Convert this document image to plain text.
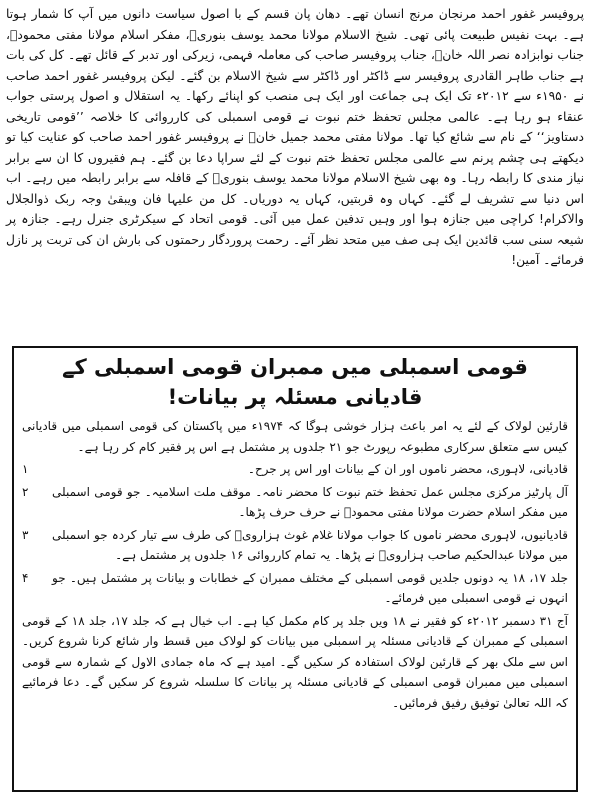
پروفیسر غفور احمد مرنجان مرنج انسان تھے۔ دھان پان قسم کے با اصول سیاست دانوں میں آپ کا شمار ہوتا ہے۔ بہت نفیس طبیعت پائی تھی۔ شیخ الاسلام مولانا محمد یوسف بنوریؒ، مفکر اسلام مولانا مفتی محمودؒ، جناب نوابزادہ نصر اللہ خانؒ، جناب پروفیسر صاحب کی معاملہ فہمی، زیرکی اور تدبر کے قائل تھے۔ کل کی بات ہے جناب طاہر القادری پروفیسر سے ڈاکٹر اور ڈاکٹر سے شیخ الاسلام بن گئے۔ لیکن پروفیسر غفور احمد صاحب نے ۱۹۵۰ء سے ۲۰۱۲ء تک ایک ہی جماعت اور ایک ہی منصب کو اپنائے رکھا۔ یہ استقلال و اصول پرستی جواب عنقاء ہو رہا ہے۔ عالمی مجلس تحفظ ختم نبوت نے قومی اسمبلی کی کارروائی کا خلاصہ ’’قومی تاریخی دستاویز‘‘ کے نام سے شائع کیا تھا۔ مولانا مفتی محمد جمیل خانؒ نے پروفیسر غفور احمد صاحب کو عنایت کیا تو دیکھتے ہی چشم پرنم سے عالمی مجلس تحفظ ختم نبوت کے لئے سراپا دعا بن گئے۔ ہم فقیروں کا ان سے برابر نیاز مندی کا رابطہ رہا۔ وہ بھی شیخ الاسلام مولانا محمد یوسف بنوریؒ کے قافلہ سے برابر رابطہ میں رہے۔ اب اس دنیا سے تشریف لے گئے۔ کہاں وہ قربتیں، کہاں یہ دوریاں۔ کل من علیہا فان ویبقیٰ وجہ ربک ذوالجلال والاکرام! کراچی میں جنازہ ہوا اور وہیں تدفین عمل میں آئی۔ قومی اتحاد کے سیکرٹری جنرل رہے۔ جنازہ پر شیعہ سنی سب قائدین ایک ہی صف میں متحد نظر آئے۔ رحمت پروردگار رحمتوں کی بارش ان کی تربت پر نازل فرمائے۔ آمین!

قومی اسمبلی میں ممبران قومی اسمبلی کے قادیانی مسئلہ پر بیانات!

قارئین لولاک کے لئے یہ امر باعث ہزار خوشی ہوگا کہ ۱۹۷۴ء میں پاکستان کی قومی اسمبلی میں قادیانی کیس سے متعلق سرکاری مطبوعہ رپورٹ جو ۲۱ جلدوں پر مشتمل ہے اس پر فقیر کام کر رہا ہے۔

قادیانی، لاہوری، محضر ناموں اور ان کے بیانات اور اس پر جرح۔
۱
آل پارٹیز مرکزی مجلس عمل تحفظ ختم نبوت کا محضر نامہ۔ موقف ملت اسلامیہ۔ جو قومی اسمبلی میں مفکر اسلام حضرت مولانا مفتی محمودؒ نے حرف حرف پڑھا۔
۲
قادیانیوں، لاہوری محضر ناموں کا جواب مولانا غلام غوث ہزارویؒ کی طرف سے تیار کردہ جو اسمبلی میں مولانا عبدالحکیم صاحب ہزارویؒ نے پڑھا۔ یہ تمام کارروائی ۱۶ جلدوں پر مشتمل ہے۔
۳
جلد ۱۷، ۱۸ یہ دونوں جلدیں قومی اسمبلی کے مختلف ممبران کے خطابات و بیانات پر مشتمل ہیں۔ جو انہوں نے قومی اسمبلی میں فرمائے۔
۴

آج ۳۱ دسمبر ۲۰۱۲ء کو فقیر نے ۱۸ ویں جلد پر کام مکمل کیا ہے۔ اب خیال ہے کہ جلد ۱۷، جلد ۱۸ کے قومی اسمبلی کے ممبران کے قادیانی مسئلہ پر اسمبلی میں بیانات کو لولاک میں قسط وار شائع کرنا شروع کریں۔ اس سے ملک بھر کے قارئین لولاک استفادہ کر سکیں گے۔ امید ہے کہ ماہ جمادی الاول کے شمارہ سے قومی اسمبلی میں ممبران قومی اسمبلی کے قادیانی مسئلہ پر بیانات کا سلسلہ شروع کر سکیں گے۔ دعا فرمائیے کہ اللہ تعالیٰ توفیق رفیق فرمائیں۔
